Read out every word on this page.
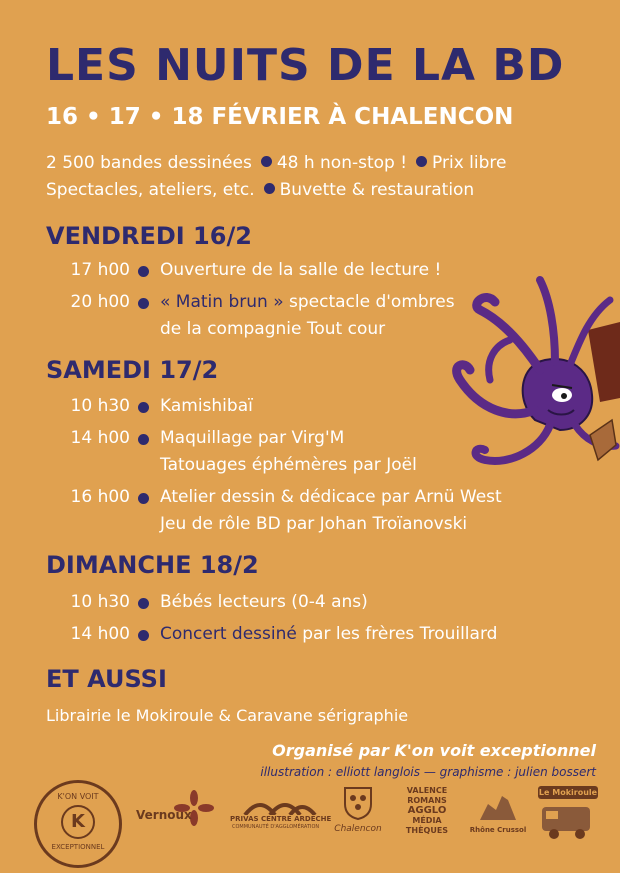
LES NUITS DE LA BD
16 • 17 • 18 FÉVRIER À CHALENCON
2 500 bandes dessinées 48 h non-stop ! Prix libre
Spectacles, ateliers, etc. Buvette & restauration
VENDREDI 16/2
17 h00 Ouverture de la salle de lecture !
20 h00 « Matin brun » spectacle d'ombres
de la compagnie Tout cour
SAMEDI 17/2
10 h30 Kamishibaï
14 h00 Maquillage par Virg'M
Tatouages éphémères par Joël
16 h00 Atelier dessin & dédicace par Arnü West
Jeu de rôle BD par Johan Troïanovski
DIMANCHE 18/2
10 h30 Bébés lecteurs (0-4 ans)
14 h00 Concert dessiné par les frères Trouillard
ET AUSSI
Librairie le Mokiroule & Caravane sérigraphie
Organisé par K'on voit exceptionnel
illustration : elliott langlois — graphisme : julien bossert
K'ON VOIT
K
EXCEPTIONNEL
Vernoux	PRIVAS CENTRE ARDÈCHE
COMMUNAUTÉ D'AGGLOMÉRATION Chalencon
VALENCE
ROMANS
AGGLO
MÉDIA
THÈQUES	Rhône Crussol
Le Mokiroule
